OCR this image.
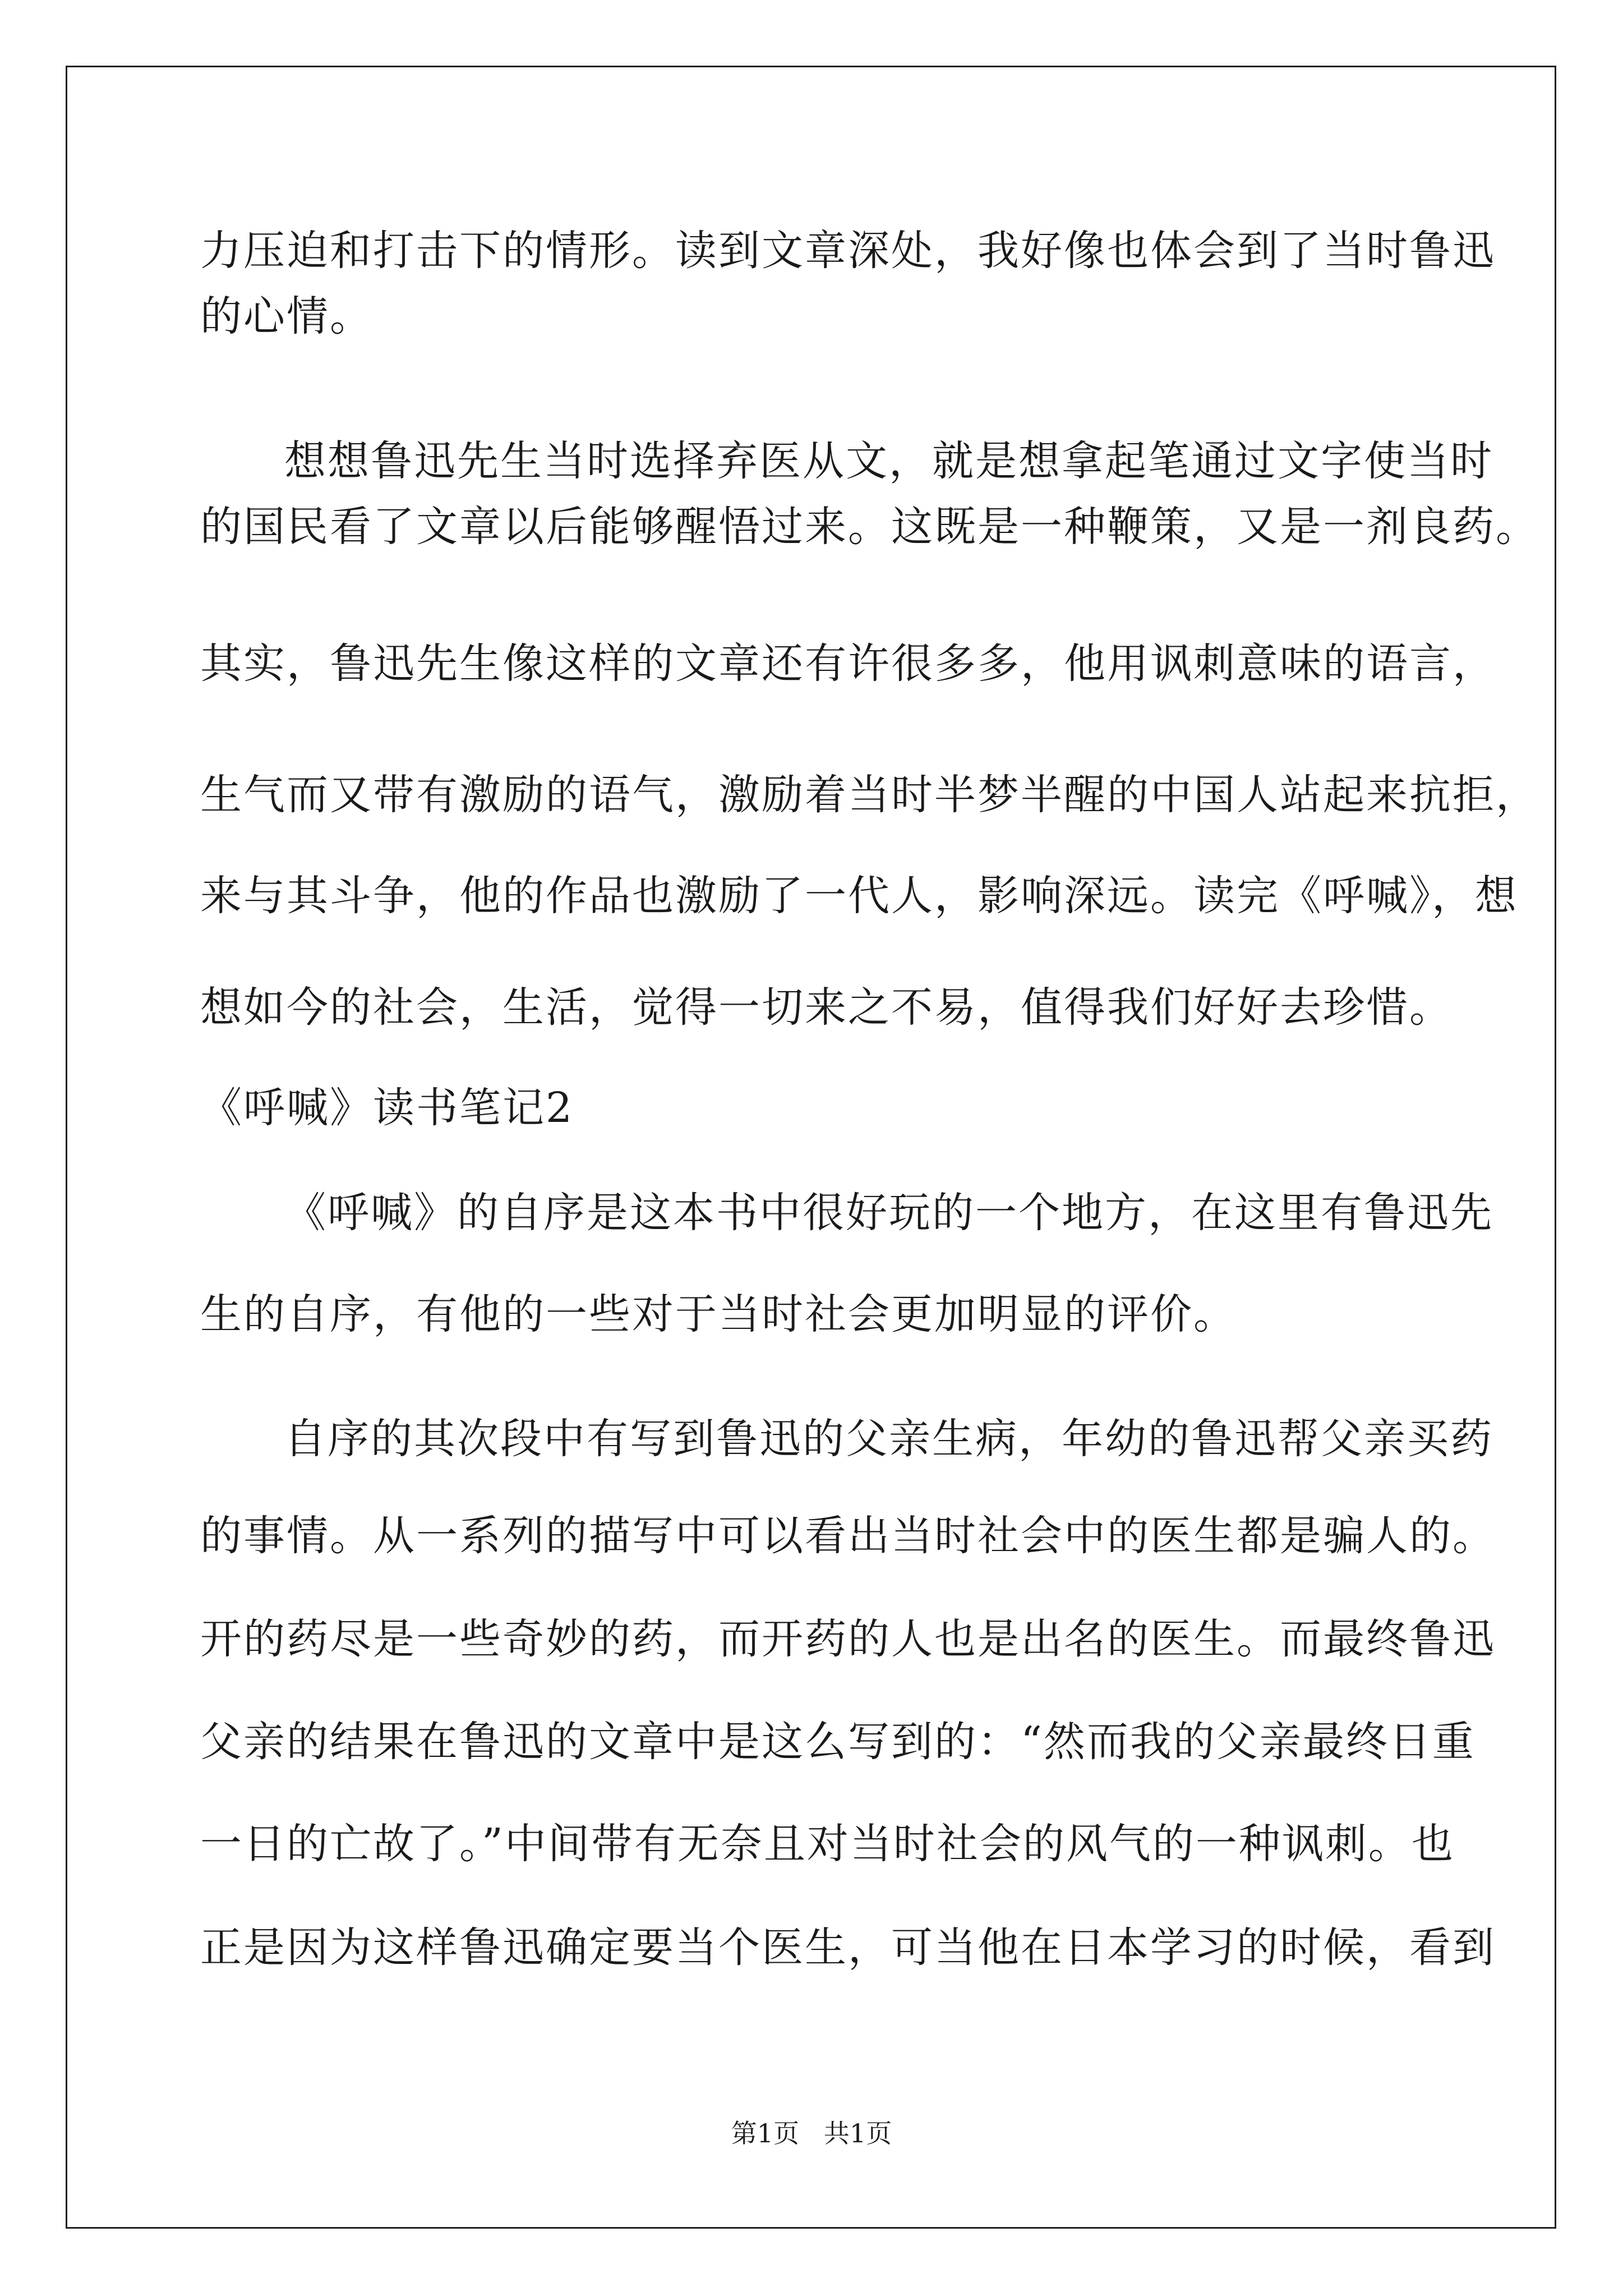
力压迫和打击下的情形。读到文章深处，我好像也体会到了当时鲁迅
的心情。
想想鲁迅先生当时选择弃医从文，就是想拿起笔通过文字使当时
的国民看了文章以后能够醒悟过来。这既是一种鞭策，又是一剂良药。
其实，鲁迅先生像这样的文章还有许很多多，他用讽刺意味的语言，
生气而又带有激励的语气，激励着当时半梦半醒的中国人站起来抗拒，
来与其斗争，他的作品也激励了一代人，影响深远。读完《呼喊》，想
想如今的社会，生活，觉得一切来之不易，值得我们好好去珍惜。
《呼喊》读书笔记2
《呼喊》的自序是这本书中很好玩的一个地方，在这里有鲁迅先
生的自序，有他的一些对于当时社会更加明显的评价。
自序的其次段中有写到鲁迅的父亲生病，年幼的鲁迅帮父亲买药
的事情。从一系列的描写中可以看出当时社会中的医生都是骗人的。
开的药尽是一些奇妙的药，而开药的人也是出名的医生。而最终鲁迅
父亲的结果在鲁迅的文章中是这么写到的：“然而我的父亲最终日重
一日的亡故了。”中间带有无奈且对当时社会的风气的一种讽刺。也
正是因为这样鲁迅确定要当个医生，可当他在日本学习的时候，看到
第1页   共1页
